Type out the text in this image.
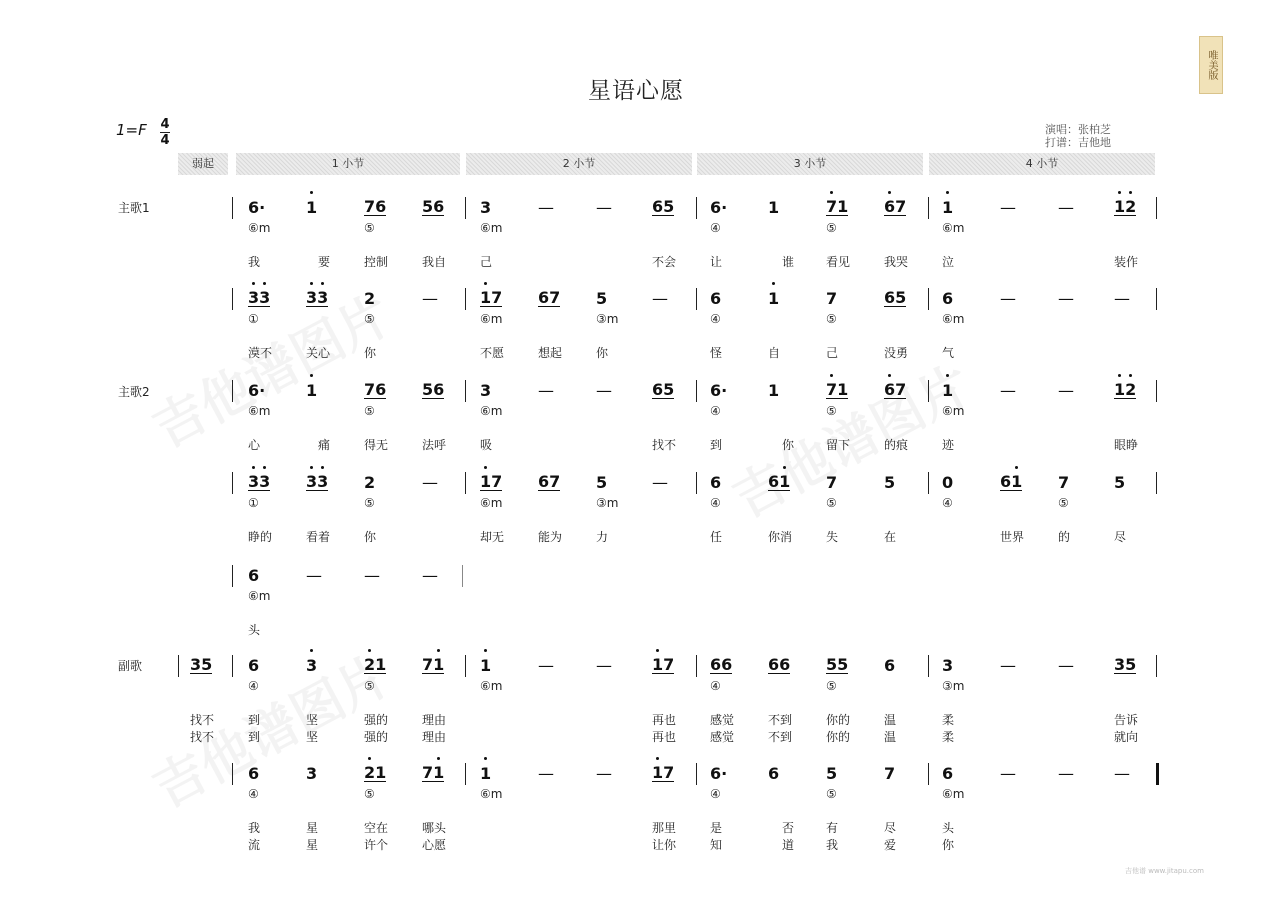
星语心愿
唯美版
1=F 4
4
演唱：张柏芝
打谱：吉他地
弱起	1 小节	2 小节	3 小节	4 小节
主歌1
主歌2
副歌
6·	1	76 56 3	—	—	65 6·	1	71 67 1	—	—	12
⑥m	⑤	⑥m	④	⑤	⑥m
我	要	控制	我自	己	不会	让	谁	看见	我哭	泣	装作
33 33 2	—	17 67 5	—	6	1	7	65 6	—	—	—
①	⑤	⑥m	③m	④	⑤	⑥m
漠不	关心	你	不愿	想起	你	怪	自	己	没勇	气
6·	1	76 56 3	—	—	65 6·	1	71 67 1	—	—	12
⑥m	⑤	⑥m	④	⑤	⑥m
心	痛	得无	法呼	吸	找不	到	你	留下	的痕	迹	眼睁
33 33 2	—	17 67 5	—	6	61 7	5	0	61 7	5
①	⑤	⑥m	③m	④	⑤	④	⑤
睁的	看着	你	却无	能为	力	任	你消	失	在	世界	的	尽
6	—	—	—
⑥m
头
35 6	3	21 71 1	—	—	17 66 66 55 6	3	—	—	35
④	⑤	⑥m	④	⑤	③m
找不	到	坚	强的	理由	再也	感觉	不到	你的	温	柔	告诉
找不	到	坚	强的	理由	再也	感觉	不到	你的	温	柔	就向
6	3	21 71 1	—	—	17 6·	6	5	7	6	—	—	—
④	⑤	⑥m	④	⑤	⑥m
我	星	空在	哪头	那里	是	否	有	尽	头
流	星	许个	心愿	让你	知	道	我	爱	你
吉他谱 www.jitapu.com
